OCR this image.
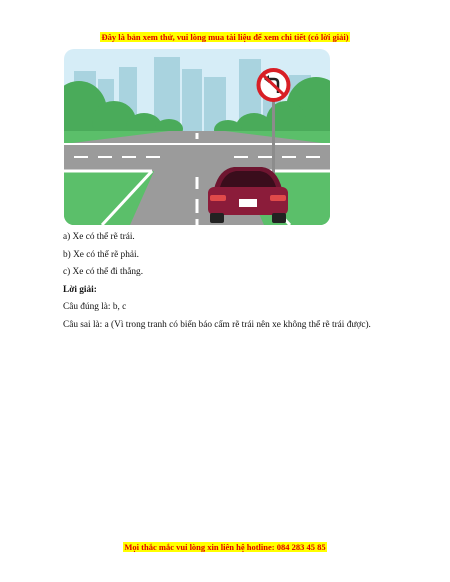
Đây là bản xem thử, vui lòng mua tài liệu để xem chi tiết (có lời giải)

a) Xe có thể rẽ trái.

b) Xe có thể rẽ phải.

c) Xe có thể đi thẳng.

Lời giải:

Câu đúng là: b, c

Câu sai là: a (Vì trong tranh có biển báo cấm rẽ trái nên xe không thể rẽ trái được).

Mọi thắc mắc vui lòng xin liên hệ hotline: 084 283 45 85
